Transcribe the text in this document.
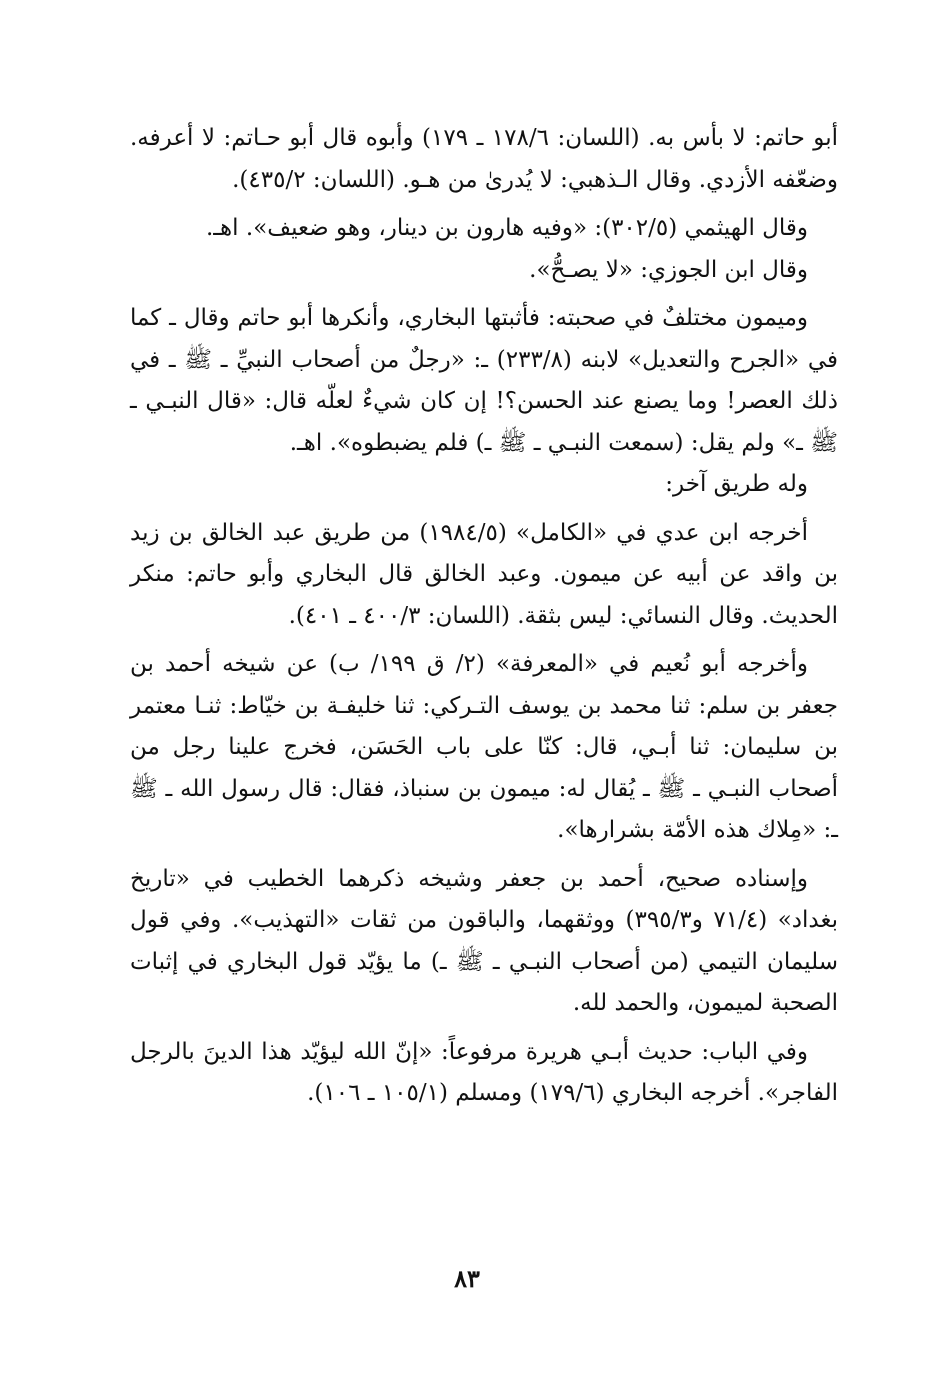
أبو حاتم: لا بأس به. (اللسان: ١٧٨/٦ ـ ١٧٩) وأبوه قال أبو حـاتم: لا أعرفه. وضعّفه الأزدي. وقال الـذهبي: لا يُدرىٰ من هـو. (اللسان: ٤٣٥/٢).

وقال الهيثمي (٣٠٢/٥): «وفيه هارون بن دينار، وهو ضعيف». اهـ.

وقال ابن الجوزي: «لا يصـحُّ».

وميمون مختلفٌ في صحبته: فأثبتها البخاري، وأنكرها أبو حاتم وقال ـ كما في «الجرح والتعديل» لابنه (٢٣٣/٨) ـ: «رجلٌ من أصحاب النبيِّ ـ ﷺ ـ في ذلك العصر! وما يصنع عند الحسن؟! إن كان شيءٌ لعلّه قال: «قال النبـي ـ ﷺ ـ» ولم يقل: (سمعت النبـي ـ ﷺ ـ) فلم يضبطوه». اهـ.

وله طريق آخر:

أخرجه ابن عدي في «الكامل» (١٩٨٤/٥) من طريق عبد الخالق بن زيد بن واقد عن أبيه عن ميمون. وعبد الخالق قال البخاري وأبو حاتم: منكر الحديث. وقال النسائي: ليس بثقة. (اللسان: ٤٠٠/٣ ـ ٤٠١).

وأخرجه أبو نُعيم في «المعرفة» (٢/ ق ١٩٩/ ب) عن شيخه أحمد بن جعفر بن سلم: ثنا محمد بن يوسف التـركي: ثنا خليفـة بن خيّاط: ثنـا معتمر بن سليمان: ثنا أبـي، قال: كنّا على باب الحَسَن، فخرج علينا رجل من أصحاب النبـي ـ ﷺ ـ يُقال له: ميمون بن سنباذ، فقال: قال رسول الله ـ ﷺ ـ: «مِلاك هذه الأمّة بشرارها».

وإسناده صحيح، أحمد بن جعفر وشيخه ذكرهما الخطيب في «تاريخ بغداد» (٧١/٤ و٣٩٥/٣) ووثقهما، والباقون من ثقات «التهذيب». وفي قول سليمان التيمي (من أصحاب النبـي ـ ﷺ ـ) ما يؤيّد قول البخاري في إثبات الصحبة لميمون، والحمد لله.

وفي الباب: حديث أبـي هريرة مرفوعاً: «إنّ الله ليؤيّد هذا الدينَ بالرجل الفاجر». أخرجه البخاري (١٧٩/٦) ومسلم (١٠٥/١ ـ ١٠٦).

٨٣
